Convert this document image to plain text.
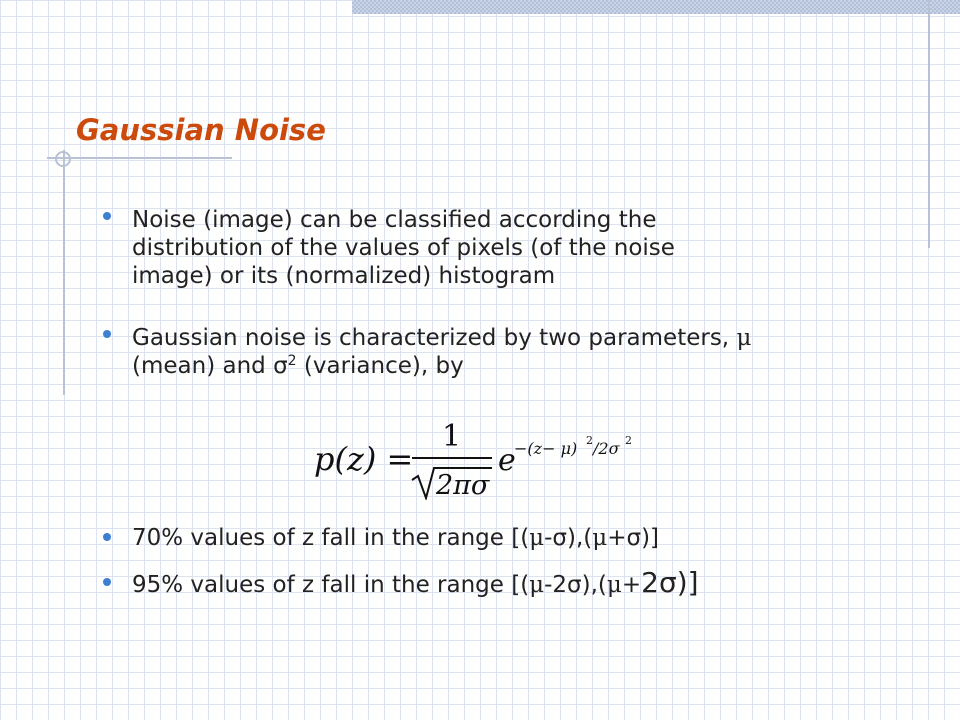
Gaussian Noise

Noise (image) can be classified according the
distribution of the values of pixels (of the noise
image) or its (normalized) histogram

Gaussian noise is characterized by two parameters, μ
(mean) and $\sigma^2$ (variance), by

p(z) =
1
2πσ
e
−(z− μ) 2 /2σ 2

70% values of z fall in the range [(μ-σ),(μ+σ)]

95% values of z fall in the range [(μ-2σ),(μ+2σ)]
